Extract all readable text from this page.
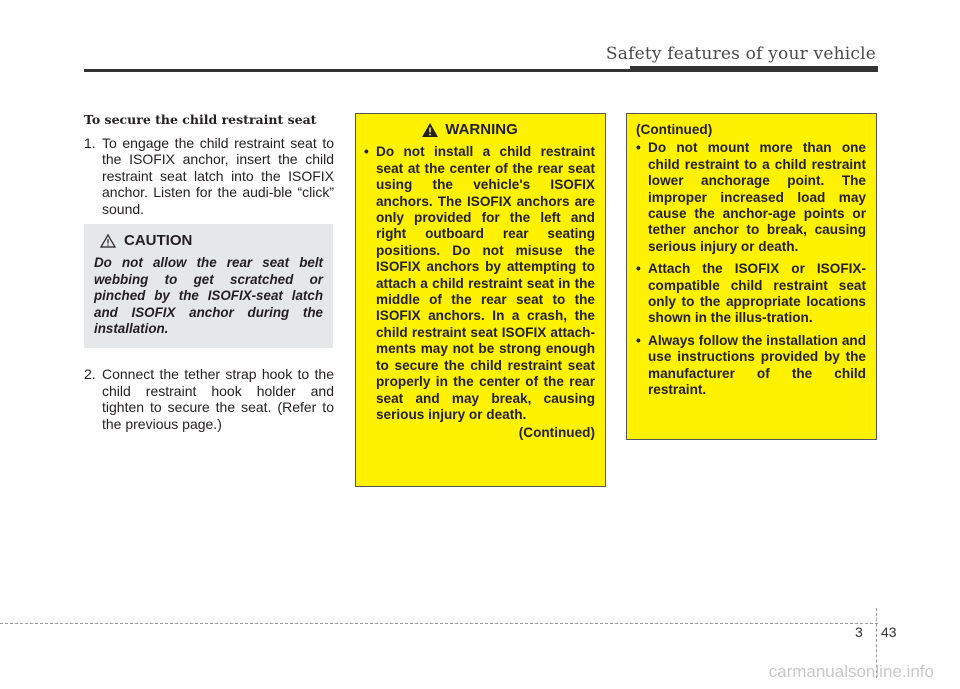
Safety features of your vehicle
To secure the child restraint seat
1. To engage the child restraint seat to the ISOFIX anchor, insert the child restraint seat latch into the ISOFIX anchor. Listen for the audi-ble “click” sound.
CAUTION
Do not allow the rear seat belt webbing to get scratched or pinched by the ISOFIX-seat latch and ISOFIX anchor during the installation.
2. Connect the tether strap hook to the child restraint hook holder and tighten to secure the seat. (Refer to the previous page.)
WARNING
• Do not install a child restraint seat at the center of the rear seat using the vehicle's ISOFIX anchors. The ISOFIX anchors are only provided for the left and right outboard rear seating positions. Do not misuse the ISOFIX anchors by attempting to attach a child restraint seat in the middle of the rear seat to the ISOFIX anchors. In a crash, the child restraint seat ISOFIX attach-ments may not be strong enough to secure the child restraint seat properly in the center of the rear seat and may break, causing serious injury or death.
(Continued)
(Continued)
• Do not mount more than one child restraint to a child restraint lower anchorage point. The improper increased load may cause the anchor-age points or tether anchor to break, causing serious injury or death.
• Attach the ISOFIX or ISOFIX-compatible child restraint seat only to the appropriate locations shown in the illus-tration.
• Always follow the installation and use instructions provided by the manufacturer of the child restraint.
3 43
carmanualsonline.info
